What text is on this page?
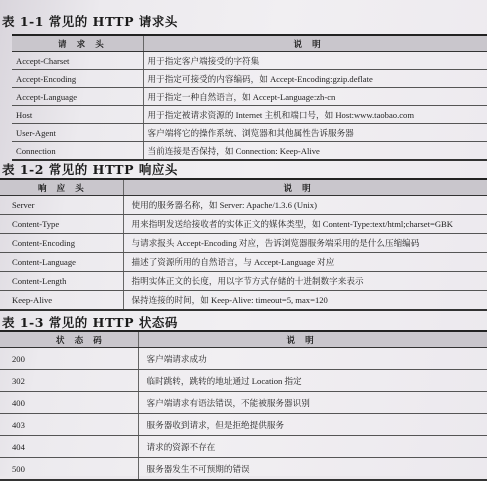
表 1-1 常见的 HTTP 请求头
请 求 头	说 明
Accept-Charset	用于指定客户端接受的字符集
Accept-Encoding	用于指定可接受的内容编码，如 Accept-Encoding:gzip.deflate
Accept-Language	用于指定一种自然语言，如 Accept-Language:zh-cn
Host	用于指定被请求资源的 Internet 主机和端口号，如 Host:www.taobao.com
User-Agent	客户端将它的操作系统、浏览器和其他属性告诉服务器
Connection	当前连接是否保持，如 Connection: Keep-Alive
表 1-2 常见的 HTTP 响应头
响 应 头	说 明
Server	使用的服务器名称，如 Server: Apache/1.3.6 (Unix)
Content-Type	用来指明发送给接收者的实体正文的媒体类型，如 Content-Type:text/html;charset=GBK
Content-Encoding	与请求报头 Accept-Encoding 对应，告诉浏览器服务端采用的是什么压缩编码
Content-Language	描述了资源所用的自然语言，与 Accept-Language 对应
Content-Length	指明实体正文的长度，用以字节方式存储的十进制数字来表示
Keep-Alive	保持连接的时间，如 Keep-Alive: timeout=5, max=120
表 1-3 常见的 HTTP 状态码
状 态 码	说 明
200	客户端请求成功
302	临时跳转，跳转的地址通过 Location 指定
400	客户端请求有语法错误，不能被服务器识别
403	服务器收到请求，但是拒绝提供服务
404	请求的资源不存在
500	服务器发生不可预期的错误
